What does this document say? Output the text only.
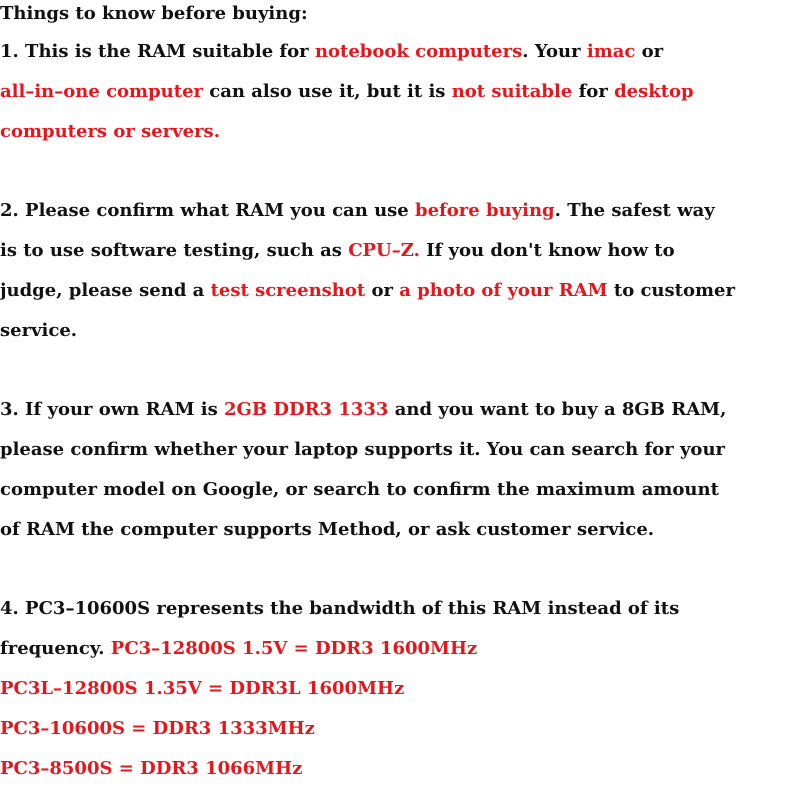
Things to know before buying:
1. This is the RAM suitable for notebook computers. Your imac or
all–in–one computer can also use it, but it is not suitable for desktop
computers or servers.
2. Please confirm what RAM you can use before buying. The safest way
is to use software testing, such as CPU–Z. If you don't know how to
judge, please send a test screenshot or a photo of your RAM to customer
service.
3. If your own RAM is 2GB DDR3 1333 and you want to buy a 8GB RAM,
please confirm whether your laptop supports it. You can search for your
computer model on Google, or search to confirm the maximum amount
of RAM the computer supports Method, or ask customer service.
4. PC3–10600S represents the bandwidth of this RAM instead of its
frequency. PC3–12800S 1.5V = DDR3 1600MHz
PC3L–12800S 1.35V = DDR3L 1600MHz
PC3–10600S = DDR3 1333MHz
PC3–8500S = DDR3 1066MHz
